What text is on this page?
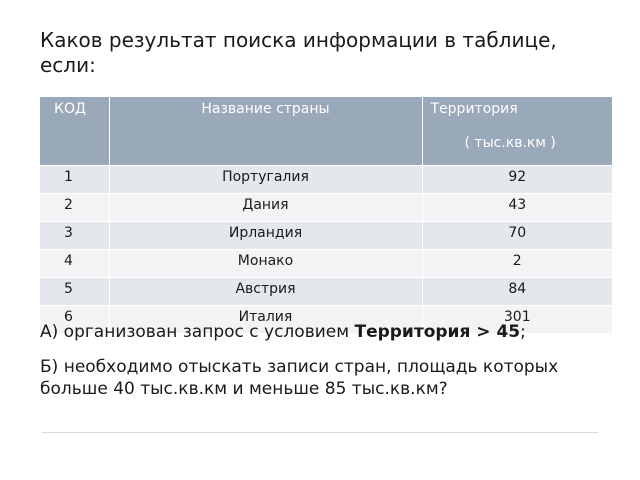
Каков результат поиска информации в таблице, если:
КОД	Название страны	Территория
( тыс.кв.км )

1	Португалия	92
2	Дания	43
3	Ирландия	70
4	Монако	2
5	Австрия	84
6	Италия	301

А) организован запрос с условием Территория > 45;

Б) необходимо отыскать записи стран, площадь которых больше 40 тыс.кв.км и меньше 85 тыс.кв.км?
